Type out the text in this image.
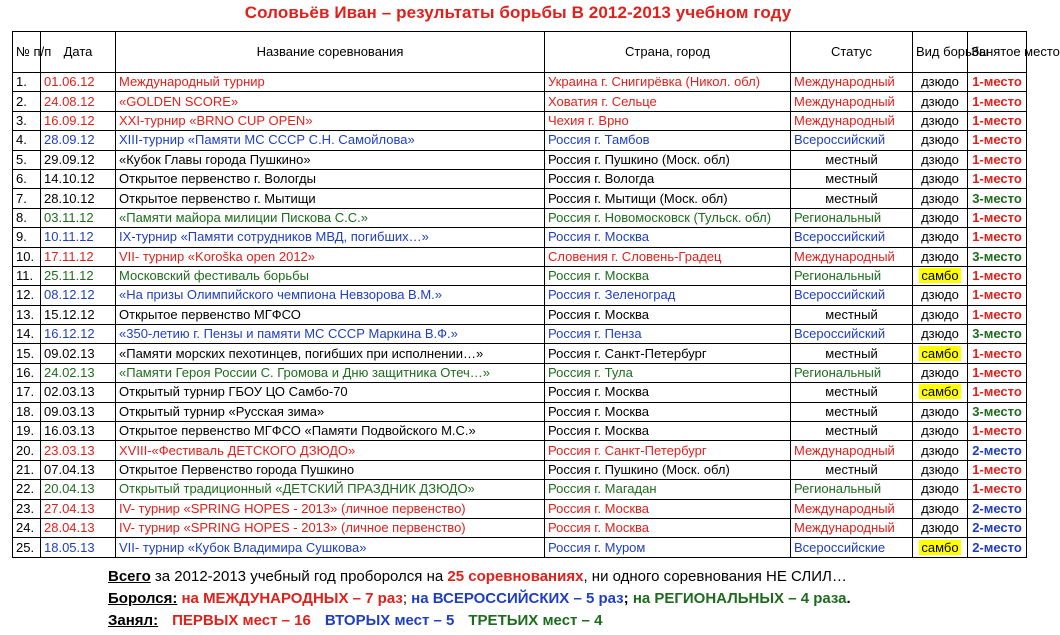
Соловьёв Иван – результаты борьбы В 2012-2013 учебном году
№ п/п	Дата	Название соревнования	Страна, город	Статус	Вид борьбы	Занятое место
1.	01.06.12	Международный турнир	Украина г. Снигирёвка (Никол. обл)	Международный	дзюдо	1-место
2.	24.08.12	«GOLDEN SCORE»	Ховатия г. Сельце	Международный	дзюдо	1-место
3.	16.09.12	XXI-турнир «BRNO CUP OPEN»	Чехия г. Врно	Международный	дзюдо	1-место
4.	28.09.12	XIII-турнир «Памяти МС СССР С.Н. Самойлова»	Россия г. Тамбов	Всероссийский	дзюдо	1-место
5.	29.09.12	«Кубок Главы города Пушкино»	Россия г. Пушкино (Моск. обл)	местный	дзюдо	1-место
6.	14.10.12	Открытое первенство г. Вологды	Россия г. Вологда	местный	дзюдо	1-место
7.	28.10.12	Открытое первенство г. Мытищи	Россия г. Мытищи (Моск. обл)	местный	дзюдо	3-место
8.	03.11.12	«Памяти майора милиции Пискова С.С.»	Россия г. Новомосковск (Тульск. обл)	Региональный	дзюдо	1-место
9.	10.11.12	IX-турнир «Памяти сотрудников МВД, погибших…»	Россия г. Москва	Всероссийский	дзюдо	1-место
10.	17.11.12	VII- турнир «Koroška open 2012»	Словения г. Словень-Градец	Международный	дзюдо	3-место
11.	25.11.12	Московский фестиваль борьбы	Россия г. Москва	Региональный	самбо	1-место
12.	08.12.12	«На призы Олимпийского чемпиона Невзорова В.М.»	Россия г. Зеленоград	Всероссийский	дзюдо	1-место
13.	15.12.12	Открытое первенство МГФСО	Россия г. Москва	местный	дзюдо	1-место
14.	16.12.12	«350-летию г. Пензы и памяти МС СССР Маркина В.Ф.»	Россия г. Пенза	Всероссийский	дзюдо	3-место
15.	09.02.13	«Памяти морских пехотинцев, погибших при исполнении…»	Россия г. Санкт-Петербург	местный	самбо	1-место
16.	24.02.13	«Памяти Героя России С. Громова и Дню защитника Отеч…»	Россия г. Тула	Региональный	дзюдо	1-место
17.	02.03.13	Открытый турнир ГБОУ ЦО Самбо-70	Россия г. Москва	местный	самбо	1-место
18.	09.03.13	Открытый турнир «Русская зима»	Россия г. Москва	местный	дзюдо	3-место
19.	16.03.13	Открытое первенство МГФСО «Памяти Подвойского М.С.»	Россия г. Москва	местный	дзюдо	1-место
20.	23.03.13	XVIII-«Фестиваль ДЕТСКОГО ДЗЮДО»	Россия г. Санкт-Петербург	Международный	дзюдо	2-место
21.	07.04.13	Открытое Первенство города Пушкино	Россия г. Пушкино (Моск. обл)	местный	дзюдо	1-место
22.	20.04.13	Открытый традиционный «ДЕТСКИЙ ПРАЗДНИК ДЗЮДО»	Россия г. Магадан	Региональный	дзюдо	1-место
23.	27.04.13	IV- турнир «SPRING HOPES - 2013» (личное первенство)	Россия г. Москва	Международный	дзюдо	2-место
24.	28.04.13	IV- турнир «SPRING HOPES - 2013» (личное первенство)	Россия г. Москва	Международный	дзюдо	2-место
25.	18.05.13	VII- турнир «Кубок Владимира Сушкова»	Россия г. Муром	Всероссийские	самбо	2-место
Всего за 2012-2013 учебный год проборолся на 25 соревнованиях, ни одного соревнования НЕ СЛИЛ…
Боролся: на МЕЖДУНАРОДНЫХ – 7 раз; на ВСЕРОССИЙСКИХ – 5 раз; на РЕГИОНАЛЬНЫХ – 4 раза.
Занял: ПЕРВЫХ мест – 16 ВТОРЫХ мест – 5 ТРЕТЬИХ мест – 4
